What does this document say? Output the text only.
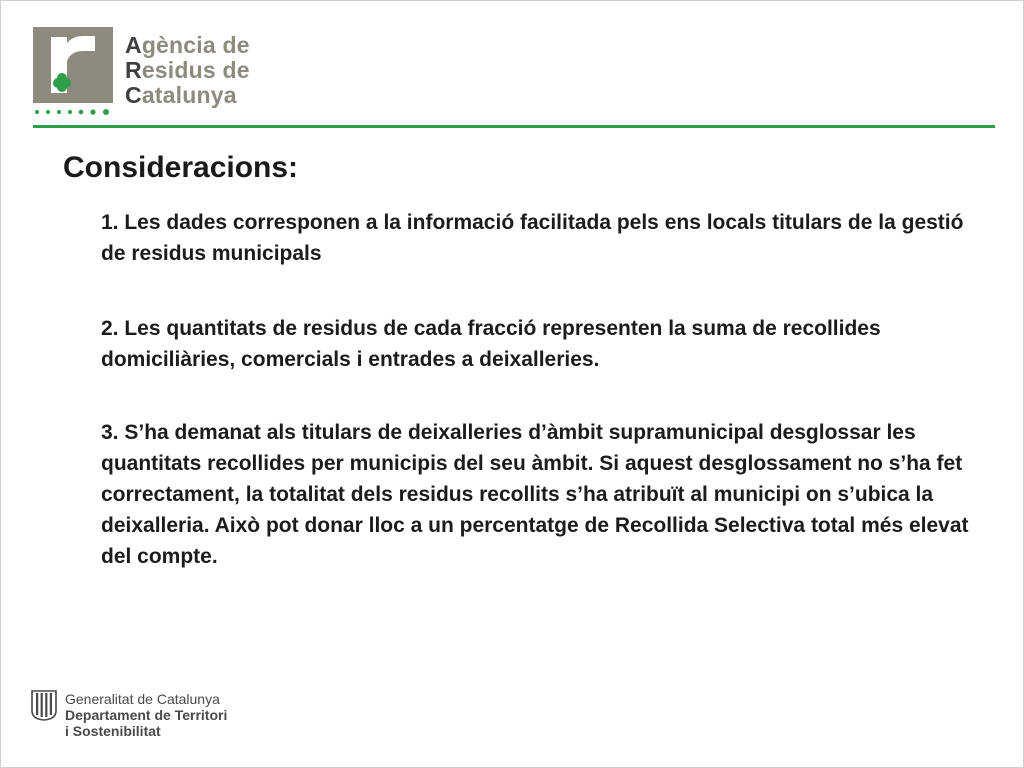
Agència de
Residus de
Catalunya
Consideracions:

1. Les dades corresponen a la informació facilitada pels ens locals titulars de la gestió de residus municipals

2. Les quantitats de residus de cada fracció representen la suma de recollides domiciliàries, comercials i entrades a deixalleries.

3. S’ha demanat als titulars de deixalleries d’àmbit supramunicipal desglossar les quantitats recollides per municipis del seu àmbit. Si aquest desglossament no s’ha fet correctament, la totalitat dels residus recollits s’ha atribuït al municipi on s’ubica la deixalleria. Això pot donar lloc a un percentatge de Recollida Selectiva total més elevat del compte.

Generalitat de Catalunya
Departament de Territori
i Sostenibilitat
